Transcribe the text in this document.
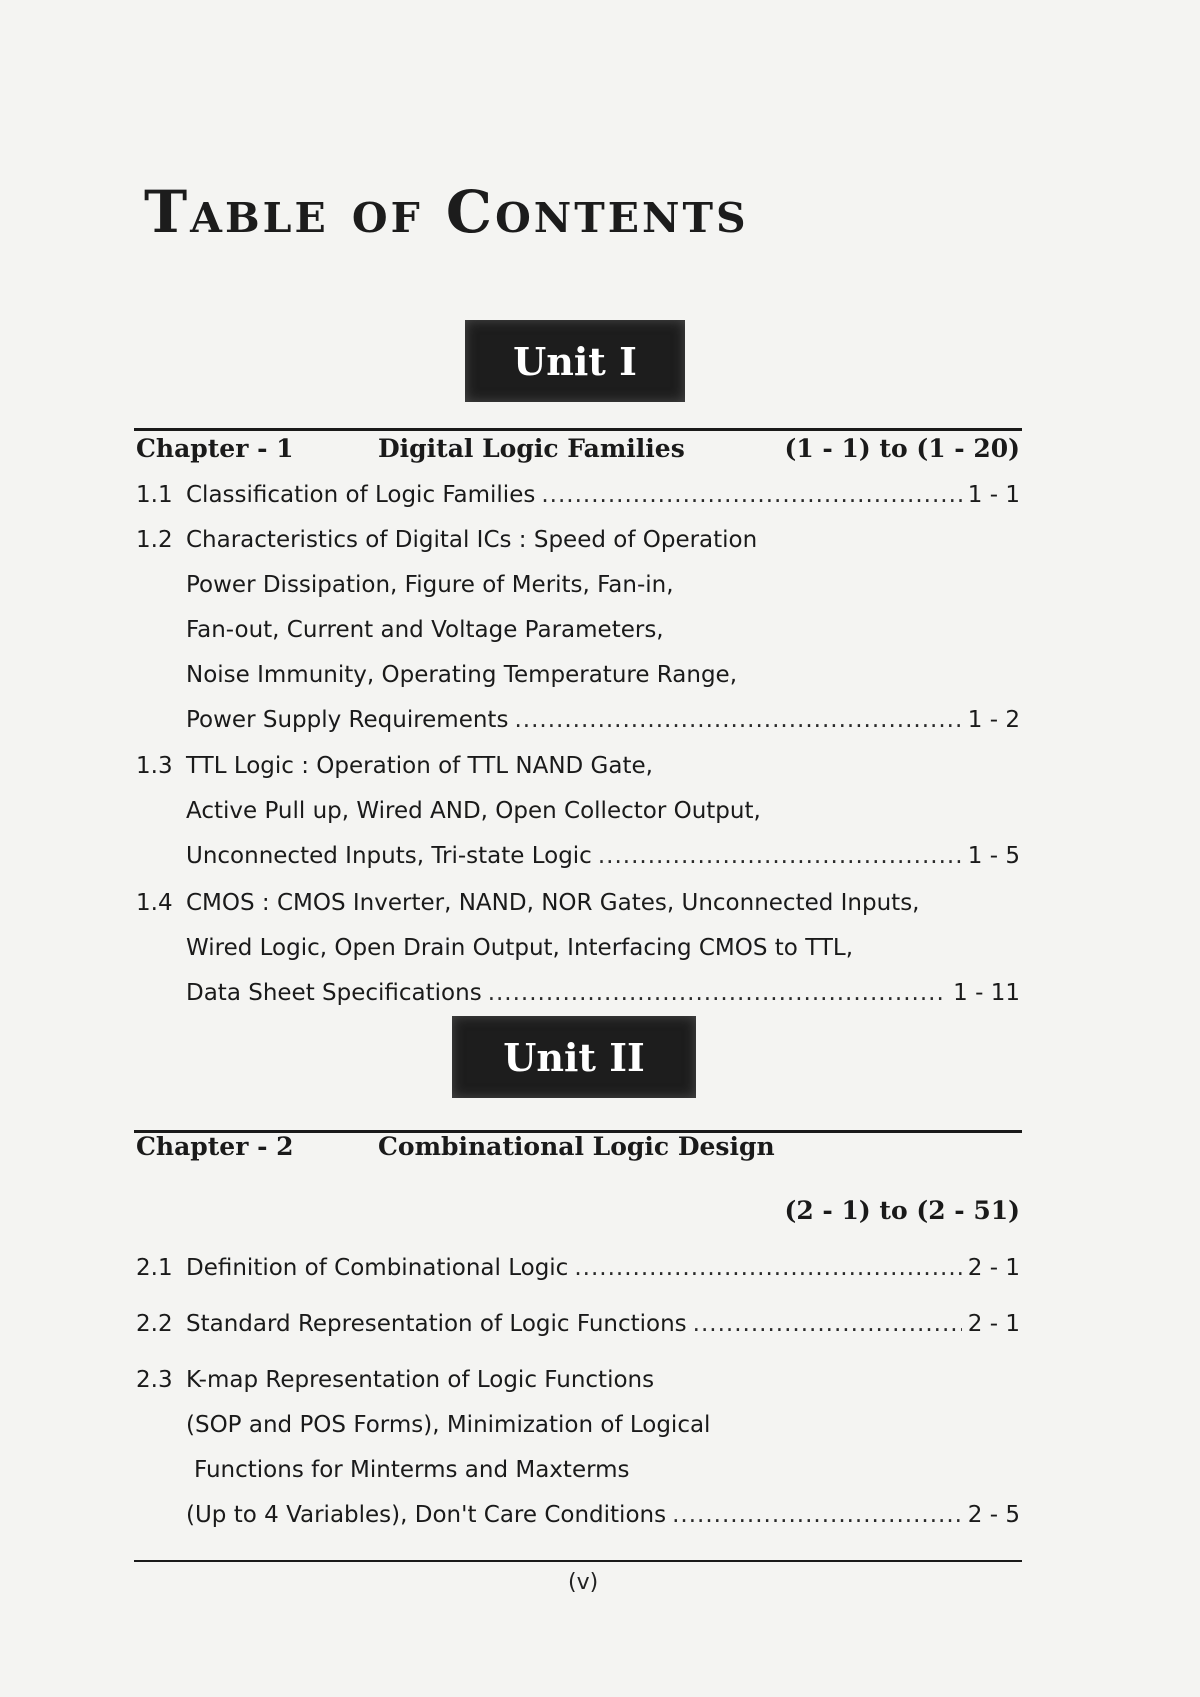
Table of Contents
Unit I
Chapter - 1	Digital Logic Families	(1 - 1) to (1 - 20)
1.1 Classification of Logic Families .....	1 - 1
1.2 Characteristics of Digital ICs : Speed of Operation
Power Dissipation, Figure of Merits, Fan-in,
Fan-out, Current and Voltage Parameters,
Noise Immunity, Operating Temperature Range,
Power Supply Requirements .....	1 - 2
1.3 TTL Logic : Operation of TTL NAND Gate,
Active Pull up, Wired AND, Open Collector Output,
Unconnected Inputs, Tri-state Logic .....	1 - 5
1.4 CMOS : CMOS Inverter, NAND, NOR Gates, Unconnected Inputs,
Wired Logic, Open Drain Output, Interfacing CMOS to TTL,
Data Sheet Specifications .....	1 - 11
Unit II
Chapter - 2	Combinational Logic Design
(2 - 1) to (2 - 51)
2.1 Definition of Combinational Logic .....	2 - 1
2.2 Standard Representation of Logic Functions .....	2 - 1
2.3 K-map Representation of Logic Functions
(SOP and POS Forms), Minimization of Logical
Functions for Minterms and Maxterms
(Up to 4 Variables), Don't Care Conditions .....	2 - 5
(v)
